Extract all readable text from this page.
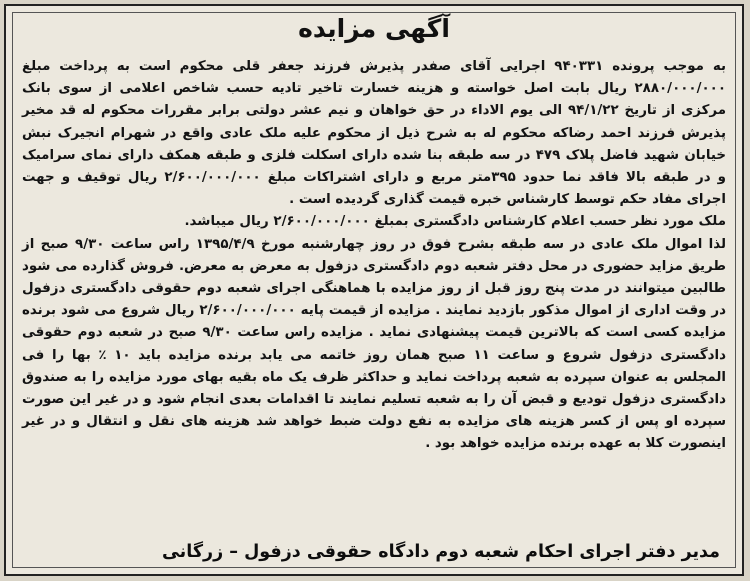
آگهی مزایده

به موجب پرونده ۹۴۰۳۳۱ اجرایی آقای صفدر پذیرش فرزند جعفر قلی محکوم است به پرداخت مبلغ ۲۸۸۰/۰۰۰/۰۰۰ ریال بابت اصل خواسته و هزینه خسارت تاخیر تادیه حسب شاخص اعلامی از سوی بانک مرکزی از تاریخ ۹۴/۱/۲۲ الی یوم الاداء در حق خواهان و نیم عشر دولتی برابر مقررات محکوم له قد مخیر پذیرش فرزند احمد رضاکه محکوم له به شرح ذیل از محکوم علیه ملک عادی واقع در شهرام انجیرک نبش خیابان شهید فاضل پلاک ۴۷۹ در سه طبقه بنا شده دارای اسکلت فلزی و طبقه همکف دارای نمای سرامیک و در طبقه بالا فاقد نما حدود ۳۹۵متر مربع و دارای اشتراکات مبلغ ۲/۶۰۰/۰۰۰/۰۰۰ ریال توقیف و جهت اجرای مفاد حکم توسط کارشناس خبره قیمت گذاری گردیده است .

ملک مورد نظر حسب اعلام کارشناس دادگستری بمبلغ ۲/۶۰۰/۰۰۰/۰۰۰ ریال میباشد.

لذا اموال ملک عادی در سه طبقه بشرح فوق در روز چهارشنبه مورخ ۱۳۹۵/۴/۹ راس ساعت ۹/۳۰ صبح از طریق مزاید حضوری در محل دفتر شعبه دوم دادگستری دزفول به معرض به معرض. فروش گذارده می شود طالبین میتوانند در مدت پنج روز قبل از روز مزایده با هماهنگی اجرای شعبه دوم حقوقی دادگستری دزفول در وقت اداری از اموال مذکور بازدید نمایند . مزایده از قیمت پایه ۲/۶۰۰/۰۰۰/۰۰۰ ریال شروع می شود برنده مزایده کسی است که بالاترین قیمت پیشنهادی نماید . مزایده راس ساعت ۹/۳۰ صبح در شعبه دوم حقوقی دادگستری دزفول شروع و ساعت ۱۱ صبح همان روز خاتمه می یابد برنده مزایده باید ۱۰ ٪ بها را فی المجلس به عنوان سپرده به شعبه پرداخت نماید و حداکثر ظرف یک ماه بقیه بهای مورد مزایده را به صندوق دادگستری دزفول تودیع و قبض آن را به شعبه تسلیم نمایند تا اقدامات بعدی انجام شود و در غیر این صورت سپرده او پس از کسر هزینه های مزایده به نفع دولت ضبط خواهد شد هزینه های نقل و انتقال و در غیر اینصورت کلا به عهده برنده مزایده خواهد بود .

مدیر دفتر اجرای احکام شعبه دوم دادگاه حقوقی دزفول – زرگانی
